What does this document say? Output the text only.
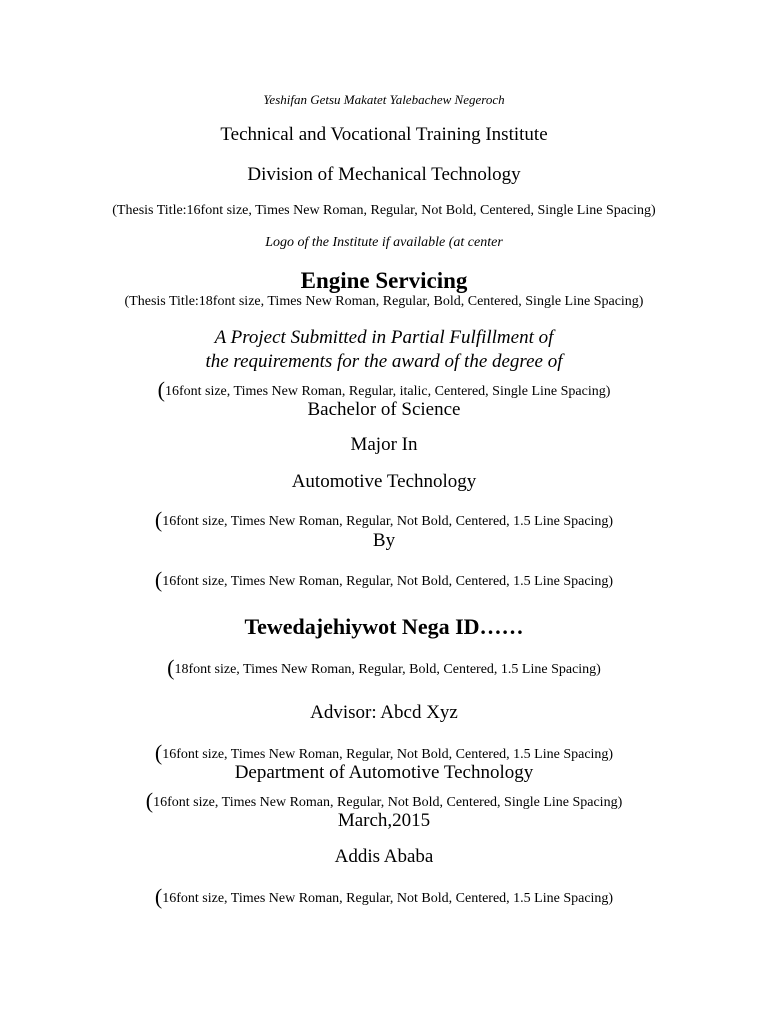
Yeshifan Getsu Makatet Yalebachew Negeroch
Technical and Vocational Training Institute
Division of Mechanical Technology
(Thesis Title:16font size, Times New Roman, Regular, Not Bold, Centered, Single Line Spacing)
Logo of the Institute if available (at center
Engine Servicing
(Thesis Title:18font size, Times New Roman, Regular, Bold, Centered, Single Line Spacing)
A Project Submitted in Partial Fulfillment of
the requirements for the award of the degree of
(16font size, Times New Roman, Regular, italic, Centered, Single Line Spacing)
Bachelor of Science
Major In
Automotive Technology
(16font size, Times New Roman, Regular, Not Bold, Centered, 1.5 Line Spacing)
By
(16font size, Times New Roman, Regular, Not Bold, Centered, 1.5 Line Spacing)
Tewedajehiywot Nega ID……
(18font size, Times New Roman, Regular, Bold, Centered, 1.5 Line Spacing)
Advisor: Abcd Xyz
(16font size, Times New Roman, Regular, Not Bold, Centered, 1.5 Line Spacing)
Department of Automotive Technology
(16font size, Times New Roman, Regular, Not Bold, Centered, Single Line Spacing)
March,2015
Addis Ababa
(16font size, Times New Roman, Regular, Not Bold, Centered, 1.5 Line Spacing)
